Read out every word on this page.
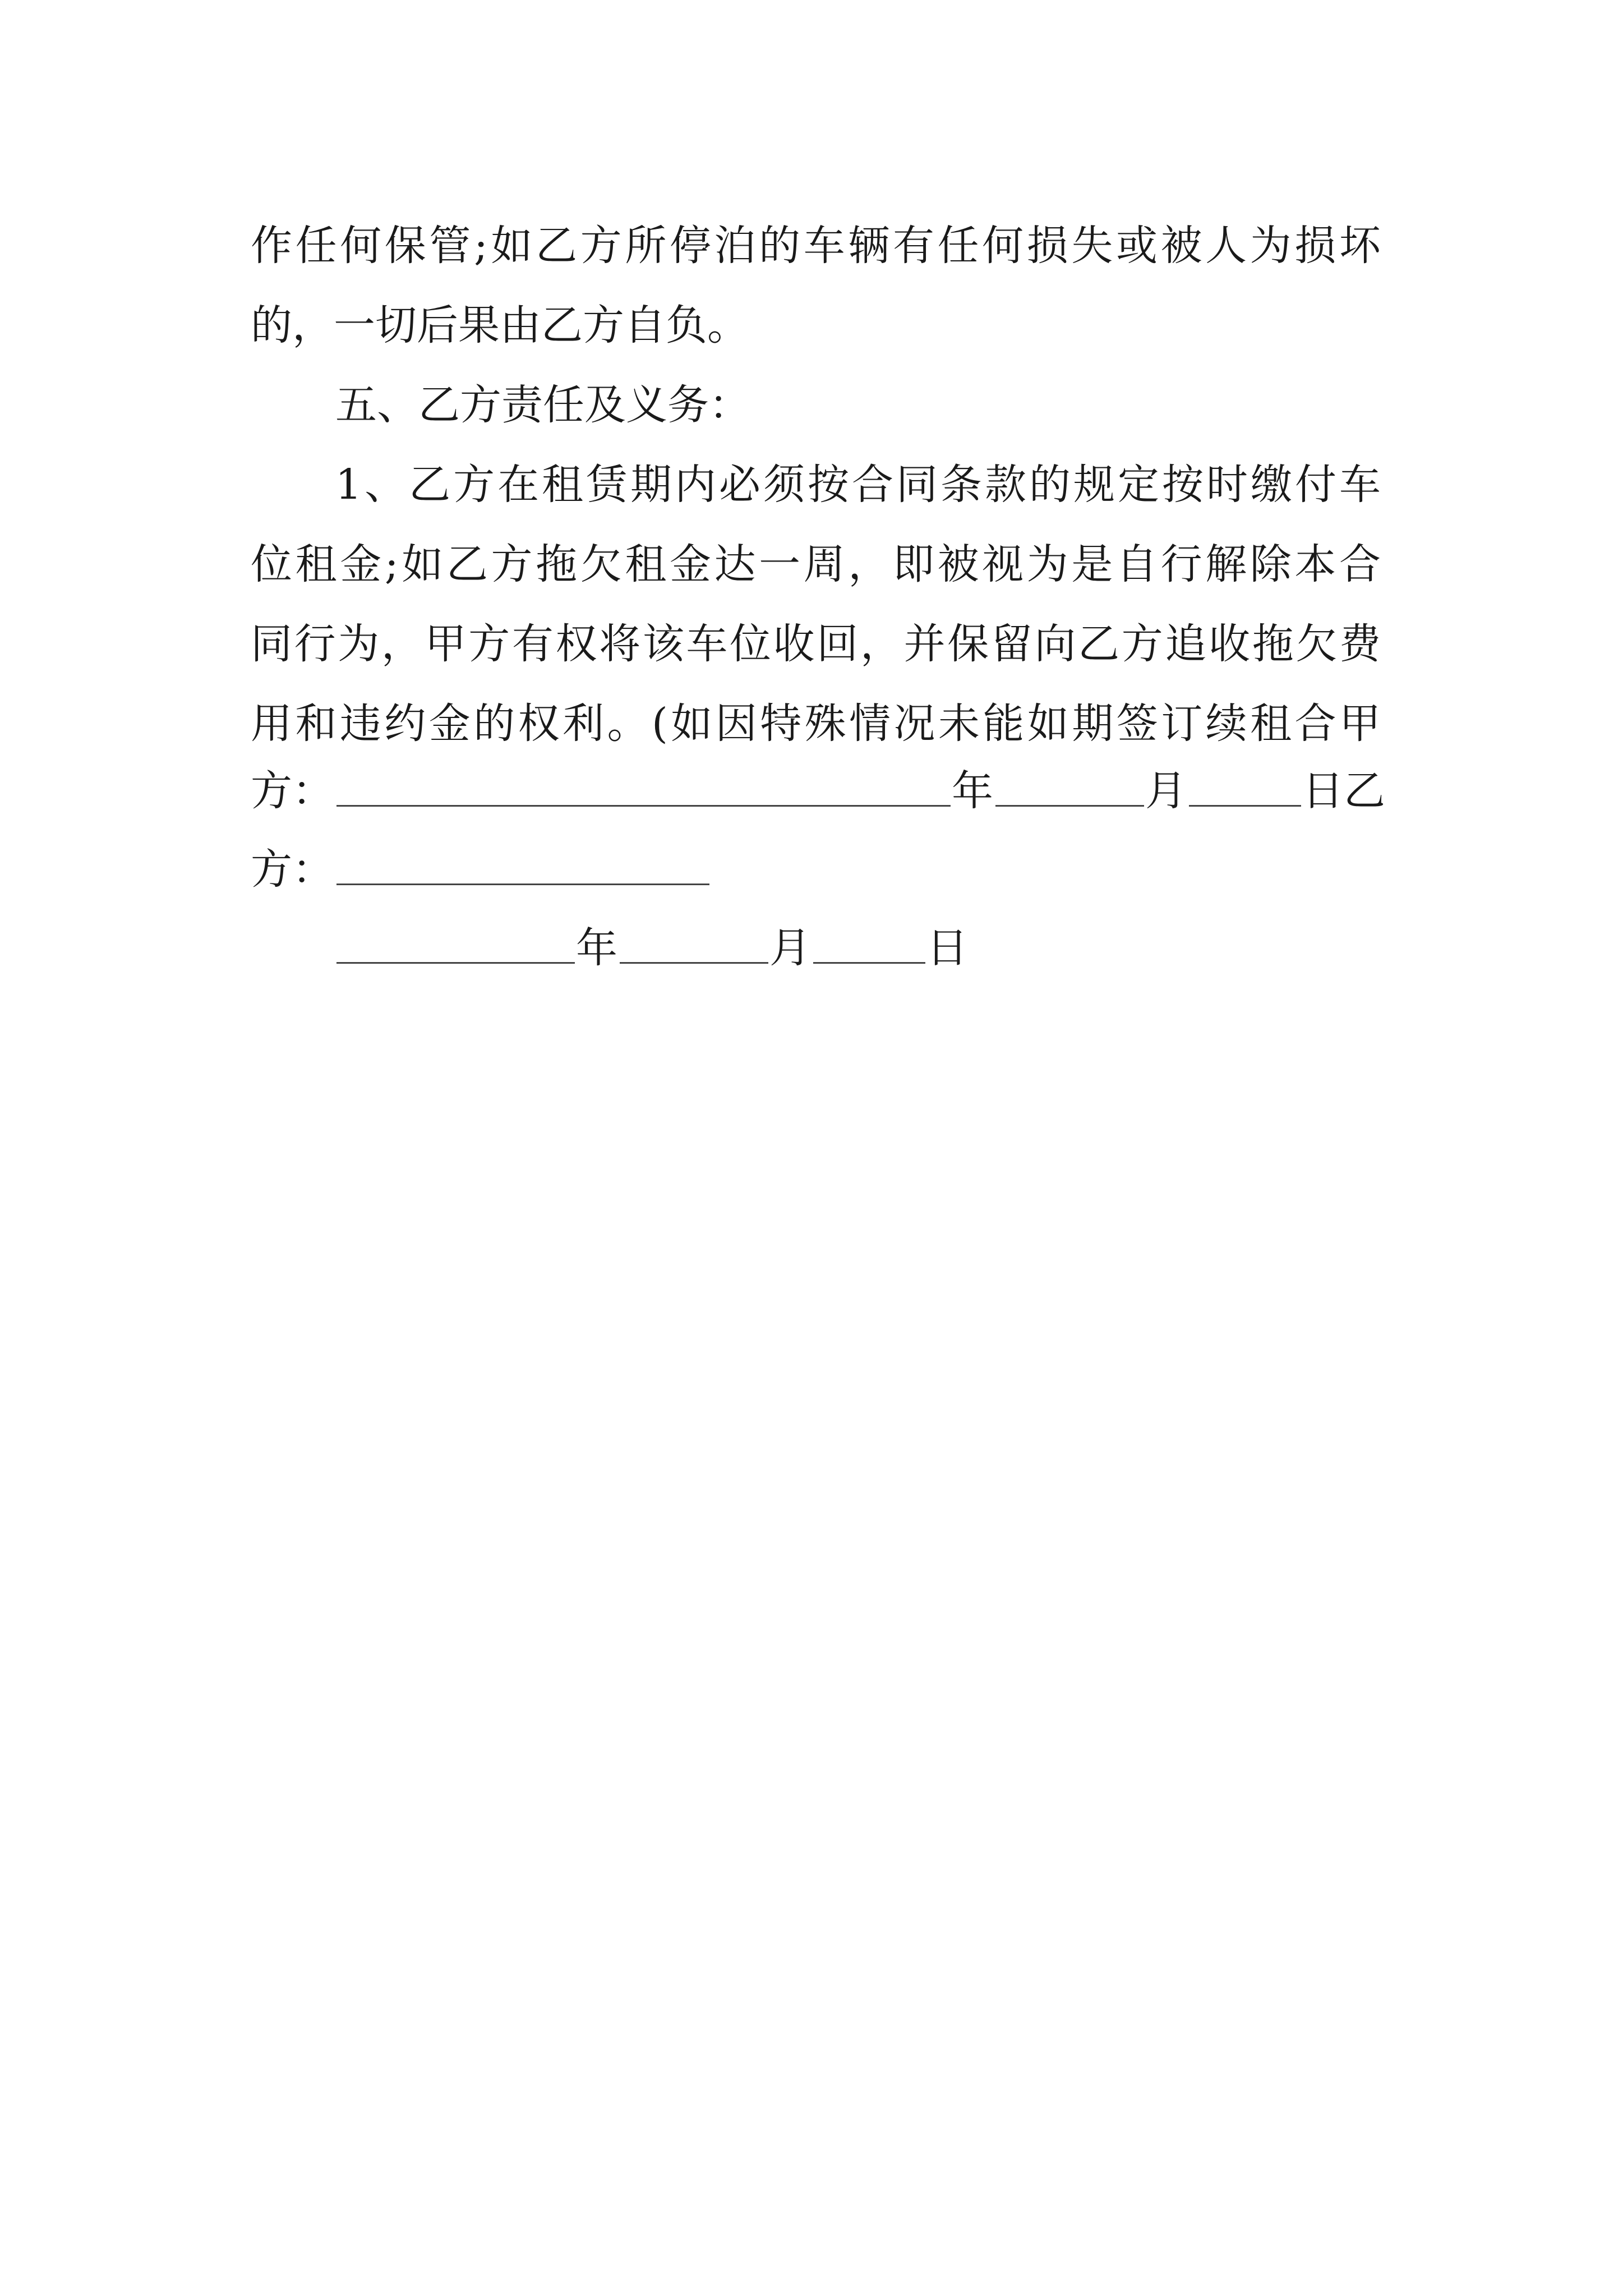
作任何保管;如乙方所停泊的车辆有任何损失或被人为损坏
的，一切后果由乙方自负。
五、乙方责任及义务：
1、乙方在租赁期内必须按合同条款的规定按时缴付车
位租金;如乙方拖欠租金达一周，即被视为是自行解除本合
同行为，甲方有权将该车位收回，并保留向乙方追收拖欠费
用和违约金的权利。(如因特殊情况未能如期签订续租合甲
方：	年	月	日乙
方：
年	月	日
